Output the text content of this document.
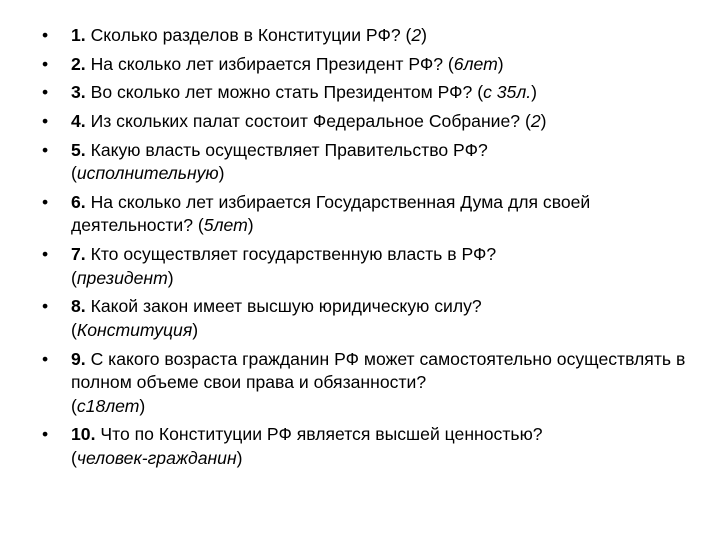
•	1. Сколько разделов в Конституции РФ? (2)
•	2. На сколько лет избирается Президент РФ? (6лет)
•	3. Во сколько лет можно стать Президентом РФ? (с 35л.)
•	4. Из скольких палат состоит Федеральное Собрание? (2)
•	5. Какую власть осуществляет Правительство РФ?
(исполнительную)
•	6. На сколько лет избирается Государственная Дума для своей деятельности? (5лет)
•	7. Кто осуществляет государственную власть в РФ?
(президент)
•	8. Какой закон имеет высшую юридическую силу?
(Конституция)
•	9. С какого возраста гражданин РФ может самостоятельно осуществлять в полном объеме свои права и обязанности?
(с18лет)
•	10. Что по Конституции РФ является высшей ценностью?
(человек-гражданин)
